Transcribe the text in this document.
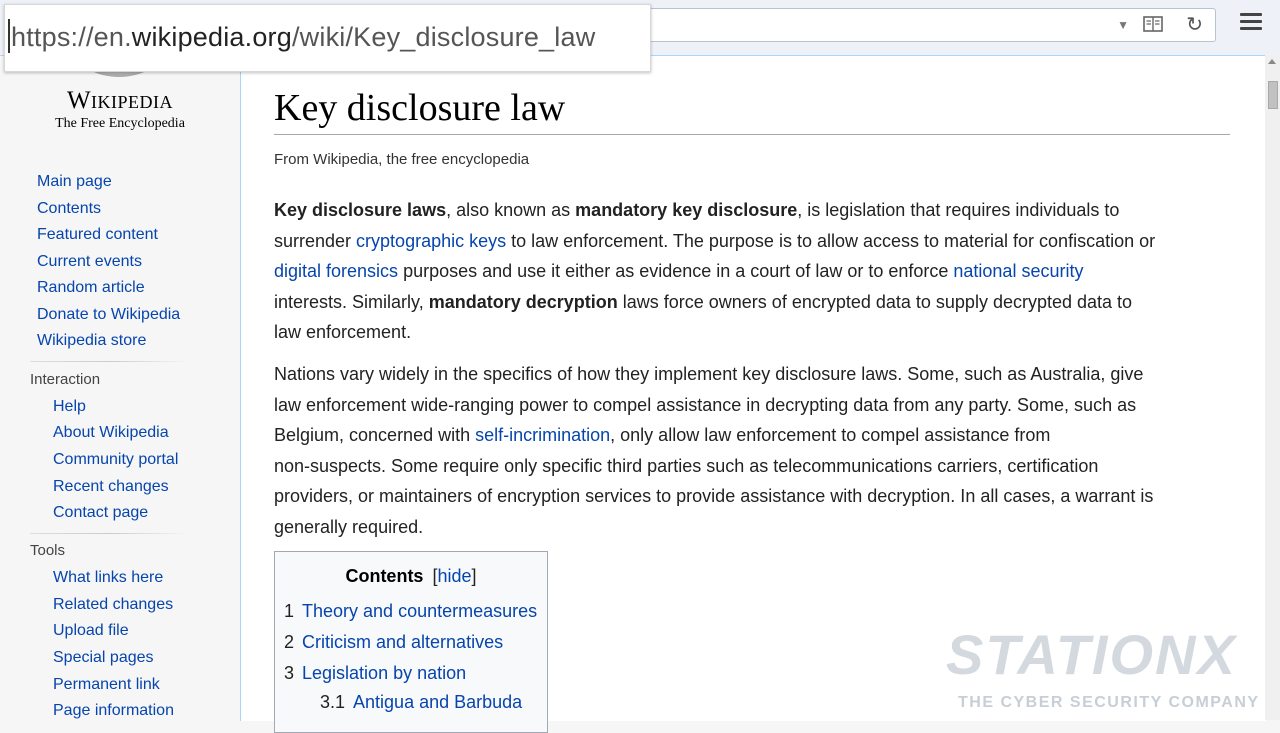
▼	↻
https://en.wikipedia.org/wiki/Key_disclosure_law
Wikipedia
The Free Encyclopedia
Main page
Contents
Featured content
Current events
Random article
Donate to Wikipedia
Wikipedia store
Interaction
Help
About Wikipedia
Community portal
Recent changes
Contact page
Tools
What links here
Related changes
Upload file
Special pages
Permanent link
Page information
Key disclosure law
From Wikipedia, the free encyclopedia

Key disclosure laws, also known as mandatory key disclosure, is legislation that requires individuals to
surrender cryptographic keys to law enforcement. The purpose is to allow access to material for confiscation or
digital forensics purposes and use it either as evidence in a court of law or to enforce national security
interests. Similarly, mandatory decryption laws force owners of encrypted data to supply decrypted data to
law enforcement.

Nations vary widely in the specifics of how they implement key disclosure laws. Some, such as Australia, give
law enforcement wide-ranging power to compel assistance in decrypting data from any party. Some, such as
Belgium, concerned with self-incrimination, only allow law enforcement to compel assistance from
non-suspects. Some require only specific third parties such as telecommunications carriers, certification
providers, or maintainers of encryption services to provide assistance with decryption. In all cases, a warrant is
generally required.

Contents [hide]
1 Theory and countermeasures
2 Criticism and alternatives
3 Legislation by nation
3.1 Antigua and Barbuda
STATIONX
THE CYBER SECURITY COMPANY
